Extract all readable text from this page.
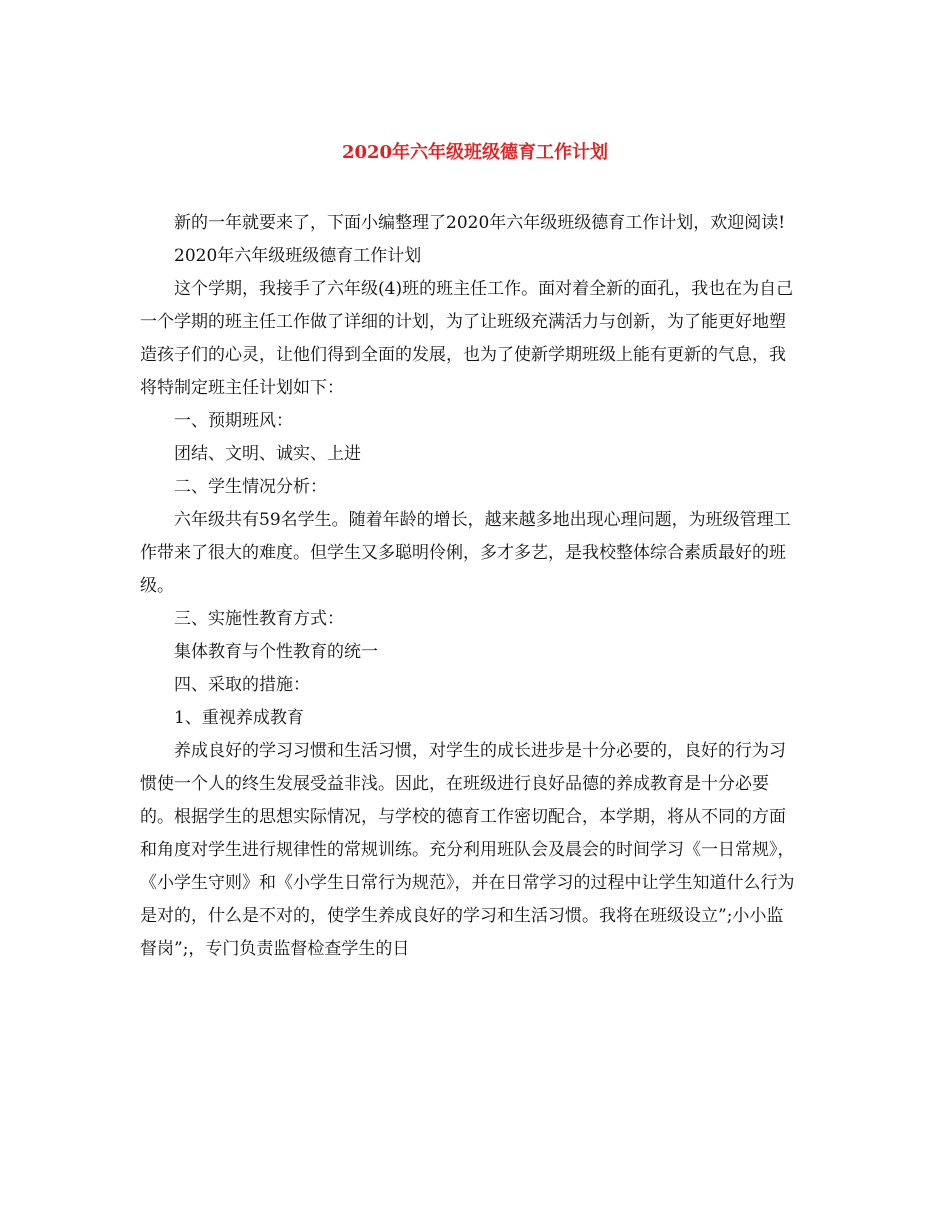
2020年六年级班级德育工作计划

新的一年就要来了，下面小编整理了2020年六年级班级德育工作计划，欢迎阅读!

2020年六年级班级德育工作计划

这个学期，我接手了六年级(4)班的班主任工作。面对着全新的面孔，我也在为自己一个学期的班主任工作做了详细的计划，为了让班级充满活力与创新，为了能更好地塑造孩子们的心灵，让他们得到全面的发展，也为了使新学期班级上能有更新的气息，我将特制定班主任计划如下：

一、预期班风：

团结、文明、诚实、上进

二、学生情况分析：

六年级共有59名学生。随着年龄的增长，越来越多地出现心理问题，为班级管理工作带来了很大的难度。但学生又多聪明伶俐，多才多艺，是我校整体综合素质最好的班级。

三、实施性教育方式：

集体教育与个性教育的统一

四、采取的措施：

1、重视养成教育

养成良好的学习习惯和生活习惯，对学生的成长进步是十分必要的，良好的行为习惯使一个人的终生发展受益非浅。因此，在班级进行良好品德的养成教育是十分必要的。根据学生的思想实际情况，与学校的德育工作密切配合，本学期，将从不同的方面和角度对学生进行规律性的常规训练。充分利用班队会及晨会的时间学习《一日常规》，《小学生守则》和《小学生日常行为规范》，并在日常学习的过程中让学生知道什么行为是对的，什么是不对的，使学生养成良好的学习和生活习惯。我将在班级设立”;小小监督岗”;，专门负责监督检查学生的日
